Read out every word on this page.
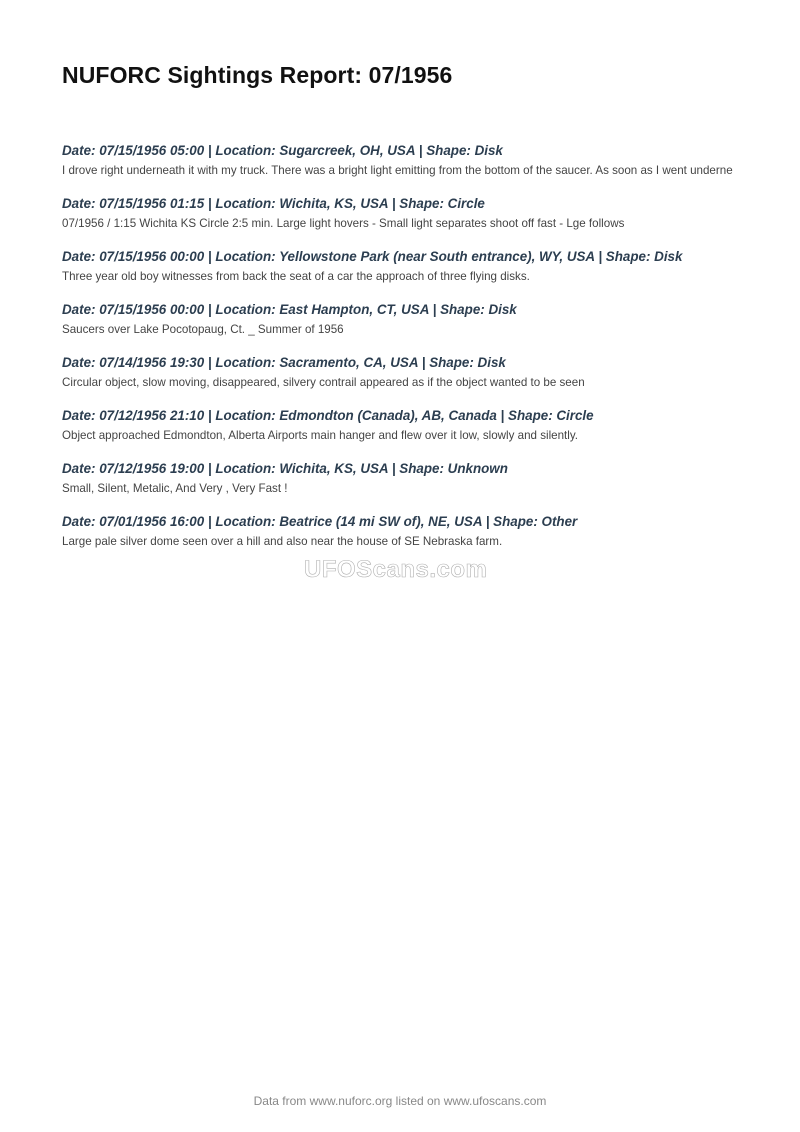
NUFORC Sightings Report: 07/1956
Date: 07/15/1956 05:00 | Location: Sugarcreek, OH, USA | Shape: Disk

I drove right underneath it with my truck. There was a bright light emitting from the bottom of the saucer. As soon as I went underne

Date: 07/15/1956 01:15 | Location: Wichita, KS, USA | Shape: Circle

07/1956 / 1:15 Wichita KS Circle 2:5 min. Large light hovers - Small light separates shoot off fast - Lge follows

Date: 07/15/1956 00:00 | Location: Yellowstone Park (near South entrance), WY, USA | Shape: Disk

Three year old boy witnesses from back the seat of a car the approach of three flying disks.

Date: 07/15/1956 00:00 | Location: East Hampton, CT, USA | Shape: Disk

Saucers over Lake Pocotopaug, Ct. _ Summer of 1956

Date: 07/14/1956 19:30 | Location: Sacramento, CA, USA | Shape: Disk

Circular object, slow moving, disappeared, silvery contrail appeared as if the object wanted to be seen

Date: 07/12/1956 21:10 | Location: Edmondton (Canada), AB, Canada | Shape: Circle

Object approached Edmondton, Alberta Airports main hanger and flew over it low, slowly and silently.

Date: 07/12/1956 19:00 | Location: Wichita, KS, USA | Shape: Unknown

Small, Silent, Metalic, And Very , Very Fast !

Date: 07/01/1956 16:00 | Location: Beatrice (14 mi SW of), NE, USA | Shape: Other

Large pale silver dome seen over a hill and also near the house of SE Nebraska farm.

UFOScans.com
Data from www.nuforc.org listed on www.ufoscans.com
